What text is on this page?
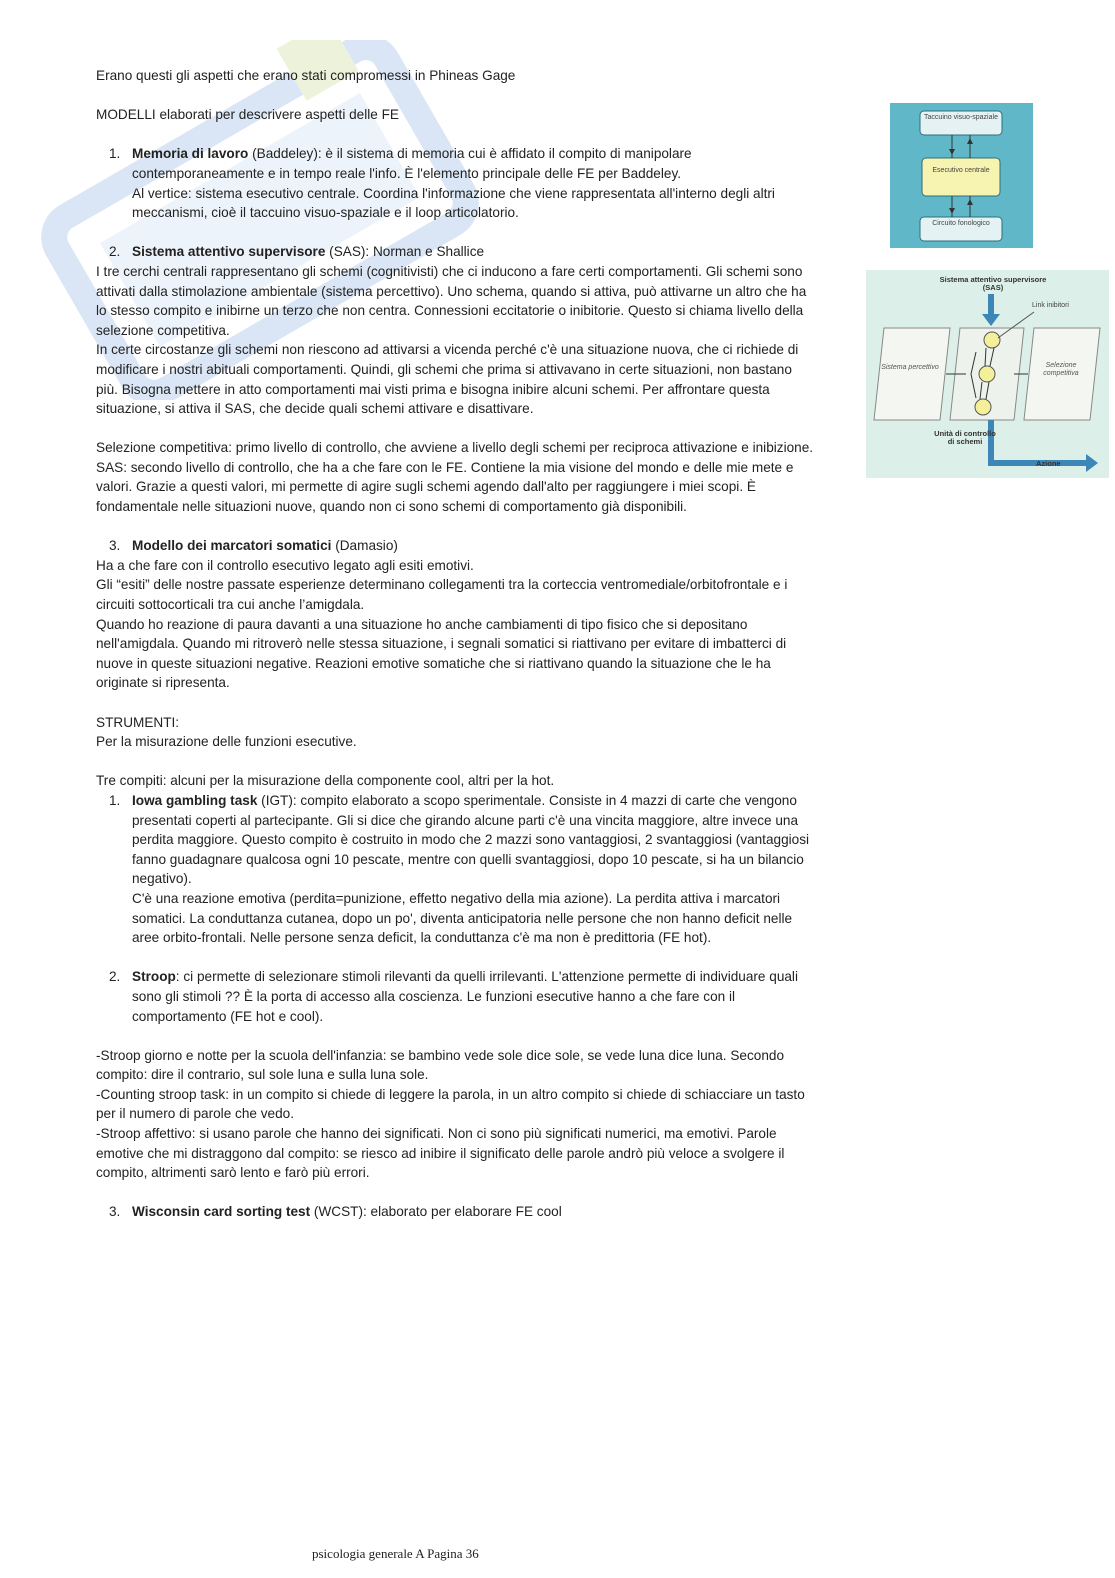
Erano questi gli aspetti che erano stati compromessi in Phineas Gage

MODELLI elaborati per descrivere aspetti delle FE

1. Memoria di lavoro (Baddeley): è il sistema di memoria cui è affidato il compito di manipolare contemporaneamente e in tempo reale l'info. È l'elemento principale delle FE per Baddeley.

Al vertice: sistema esecutivo centrale. Coordina l'informazione che viene rappresentata all'interno degli altri meccanismi, cioè il taccuino visuo-spaziale e il loop articolatorio.

2. Sistema attentivo supervisore (SAS): Norman e Shallice

I tre cerchi centrali rappresentano gli schemi (cognitivisti) che ci inducono a fare certi comportamenti. Gli schemi sono attivati dalla stimolazione ambientale (sistema percettivo). Uno schema, quando si attiva, può attivarne un altro che ha lo stesso compito e inibirne un terzo che non centra. Connessioni eccitatorie o inibitorie. Questo si chiama livello della selezione competitiva.

In certe circostanze gli schemi non riescono ad attivarsi a vicenda perché c'è una situazione nuova, che ci richiede di modificare i nostri abituali comportamenti. Quindi, gli schemi che prima si attivavano in certe situazioni, non bastano più. Bisogna mettere in atto comportamenti mai visti prima e bisogna inibire alcuni schemi. Per affrontare questa situazione, si attiva il SAS, che decide quali schemi attivare e disattivare.

Selezione competitiva: primo livello di controllo, che avviene a livello degli schemi per reciproca attivazione e inibizione.

SAS: secondo livello di controllo, che ha a che fare con le FE. Contiene la mia visione del mondo e delle mie mete e valori. Grazie a questi valori, mi permette di agire sugli schemi agendo dall'alto per raggiungere i miei scopi. È fondamentale nelle situazioni nuove, quando non ci sono schemi di comportamento già disponibili.

3. Modello dei marcatori somatici (Damasio)

Ha a che fare con il controllo esecutivo legato agli esiti emotivi.

Gli “esiti” delle nostre passate esperienze determinano collegamenti tra la corteccia ventromediale/orbitofrontale e i circuiti sottocorticali tra cui anche l’amigdala.

Quando ho reazione di paura davanti a una situazione ho anche cambiamenti di tipo fisico che si depositano nell'amigdala. Quando mi ritroverò nelle stessa situazione, i segnali somatici si riattivano per evitare di imbatterci di nuove in queste situazioni negative. Reazioni emotive somatiche che si riattivano quando la situazione che le ha originate si ripresenta.

STRUMENTI:

Per la misurazione delle funzioni esecutive.

Tre compiti: alcuni per la misurazione della componente cool, altri per la hot.

1. Iowa gambling task (IGT): compito elaborato a scopo sperimentale. Consiste in 4 mazzi di carte che vengono presentati coperti al partecipante. Gli si dice che girando alcune parti c'è una vincita maggiore, altre invece una perdita maggiore. Questo compito è costruito in modo che 2 mazzi sono vantaggiosi, 2 svantaggiosi (vantaggiosi fanno guadagnare qualcosa ogni 10 pescate, mentre con quelli svantaggiosi, dopo 10 pescate, si ha un bilancio negativo).

C'è una reazione emotiva (perdita=punizione, effetto negativo della mia azione). La perdita attiva i marcatori somatici. La conduttanza cutanea, dopo un po', diventa anticipatoria nelle persone che non hanno deficit nelle aree orbito-frontali. Nelle persone senza deficit, la conduttanza c'è ma non è predittoria (FE hot).

2. Stroop: ci permette di selezionare stimoli rilevanti da quelli irrilevanti. L'attenzione permette di individuare quali sono gli stimoli ?? È la porta di accesso alla coscienza. Le funzioni esecutive hanno a che fare con il comportamento (FE hot e cool).

-Stroop giorno e notte per la scuola dell'infanzia: se bambino vede sole dice sole, se vede luna dice luna. Secondo compito: dire il contrario, sul sole luna e sulla luna sole.

-Counting stroop task: in un compito si chiede di leggere la parola, in un altro compito si chiede di schiacciare un tasto per il numero di parole che vedo.

-Stroop affettivo: si usano parole che hanno dei significati. Non ci sono più significati numerici, ma emotivi. Parole emotive che mi distraggono dal compito: se riesco ad inibire il significato delle parole andrò più veloce a svolgere il compito, altrimenti sarò lento e farò più errori.

3. Wisconsin card sorting test (WCST): elaborato per elaborare FE cool

Taccuino visuo-spaziale
Esecutivo centrale
Circuito fonologico
Sistema attentivo supervisore (SAS)
Link inibitori
Sistema percettivo	Selezione competitiva
Unità di controllo di schemi
Azione
psicologia generale A Pagina 36
